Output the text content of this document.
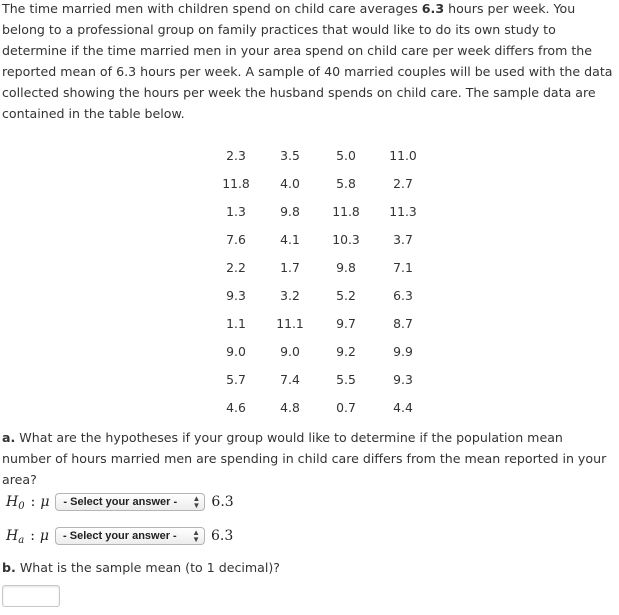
The time married men with children spend on child care averages 6.3 hours per week. You belong to a professional group on family practices that would like to do its own study to determine if the time married men in your area spend on child care per week differs from the reported mean of 6.3 hours per week. A sample of 40 married couples will be used with the data collected showing the hours per week the husband spends on child care. The sample data are contained in the table below.
2.3	3.5	5.0	11.0
11.8	4.0	5.8	2.7
1.3	9.8	11.8	11.3
7.6	4.1	10.3	3.7
2.2	1.7	9.8	7.1
9.3	3.2	5.2	6.3
1.1	11.1	9.7	8.7
9.0	9.0	9.2	9.9
5.7	7.4	5.5	9.3
4.6	4.8	0.7	4.4
a. What are the hypotheses if your group would like to determine if the population mean number of hours married men are spending in child care differs from the mean reported in your area?
H 0 : μ - Select your answer - ▲
▼ 6.3
H a : μ - Select your answer - ▲
▼ 6.3
b. What is the sample mean (to 1 decimal)?
